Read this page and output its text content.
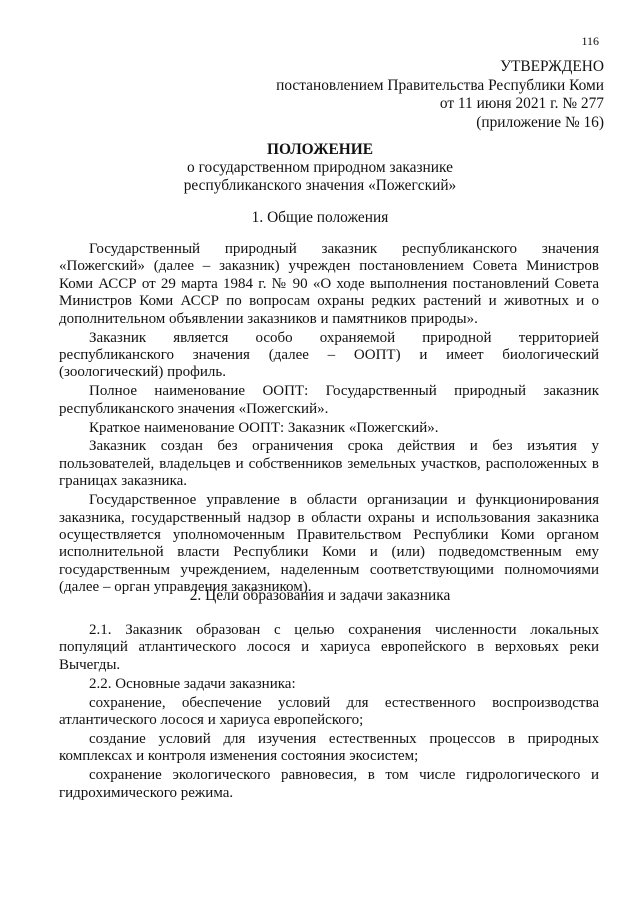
116
УТВЕРЖДЕНО
постановлением Правительства Республики Коми
от 11 июня 2021 г. № 277
(приложение № 16)
ПОЛОЖЕНИЕ
о государственном природном заказнике
республиканского значения «Пожегский»
1. Общие положения

Государственный природный заказник республиканского значения «Пожегский» (далее – заказник) учрежден постановлением Совета Министров Коми АССР от 29 марта 1984 г. № 90 «О ходе выполнения постановлений Совета Министров Коми АССР по вопросам охраны редких растений и животных и о дополнительном объявлении заказников и памятников природы».

Заказник является особо охраняемой природной территорией республиканского значения (далее – ООПТ) и имеет биологический (зоологический) профиль.

Полное наименование ООПТ: Государственный природный заказник республиканского значения «Пожегский».

Краткое наименование ООПТ: Заказник «Пожегский».

Заказник создан без ограничения срока действия и без изъятия у пользователей, владельцев и собственников земельных участков, расположенных в границах заказника.

Государственное управление в области организации и функционирования заказника, государственный надзор в области охраны и использования заказника осуществляется уполномоченным Правительством Республики Коми органом исполнительной власти Республики Коми и (или) подведомственным ему государственным учреждением, наделенным соответствующими полномочиями (далее – орган управления заказником).

2. Цели образования и задачи заказника

2.1. Заказник образован с целью сохранения численности локальных популяций атлантического лосося и хариуса европейского в верховьях реки Вычегды.

2.2. Основные задачи заказника:

сохранение, обеспечение условий для естественного воспроизводства атлантического лосося и хариуса европейского;

создание условий для изучения естественных процессов в природных комплексах и контроля изменения состояния экосистем;

сохранение экологического равновесия, в том числе гидрологического и гидрохимического режима.
